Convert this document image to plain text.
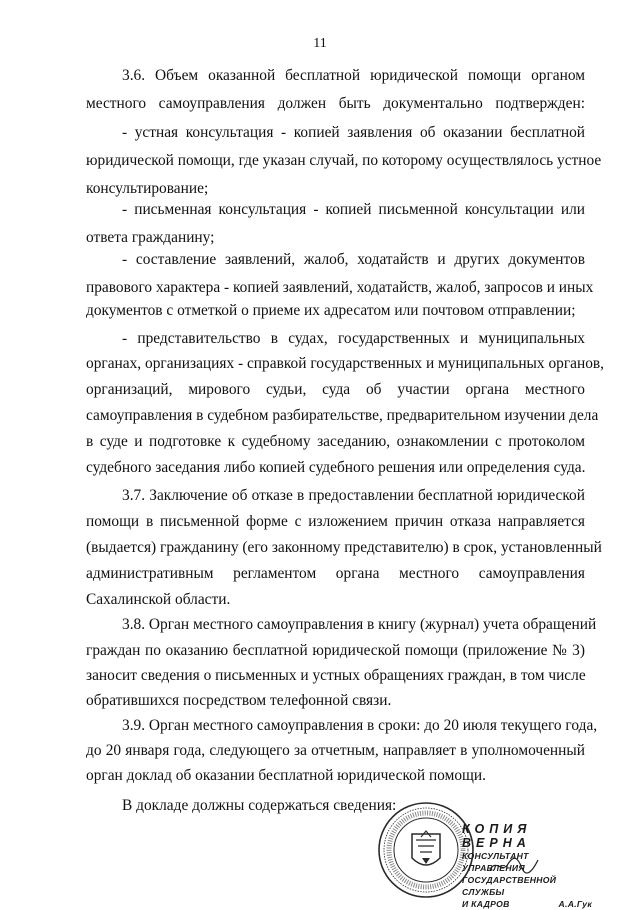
11
3.6. Объем оказанной бесплатной юридической помощи органом
местного самоуправления должен быть документально подтвержден:
- устная консультация - копией заявления об оказании бесплатной
юридической помощи, где указан случай, по которому осуществлялось устное
консультирование;
- письменная консультация - копией письменной консультации или
ответа гражданину;
- составление заявлений, жалоб, ходатайств и других документов
правового характера - копией заявлений, ходатайств, жалоб, запросов и иных
документов с отметкой о приеме их адресатом или почтовом отправлении;
- представительство в судах, государственных и муниципальных
органах, организациях - справкой государственных и муниципальных органов,
организаций, мирового судьи, суда об участии органа местного
самоуправления в судебном разбирательстве, предварительном изучении дела
в суде и подготовке к судебному заседанию, ознакомлении с протоколом
судебного заседания либо копией судебного решения или определения суда.
3.7. Заключение об отказе в предоставлении бесплатной юридической
помощи в письменной форме с изложением причин отказа направляется
(выдается) гражданину (его законному представителю) в срок, установленный
административным регламентом органа местного самоуправления
Сахалинской области.
3.8. Орган местного самоуправления в книгу (журнал) учета обращений
граждан по оказанию бесплатной юридической помощи (приложение № 3)
заносит сведения о письменных и устных обращениях граждан, в том числе
обратившихся посредством телефонной связи.
3.9. Орган местного самоуправления в сроки: до 20 июля текущего года,
до 20 января года, следующего за отчетным, направляет в уполномоченный
орган доклад об оказании бесплатной юридической помощи.
В докладе должны содержаться сведения:
КОПИЯ ВЕРНА
КОНСУЛЬТАНТ УПРАВЛЕНИЯ
ГОСУДАРСТВЕННОЙ СЛУЖБЫ
И КАДРОВ	А.А.Гук
